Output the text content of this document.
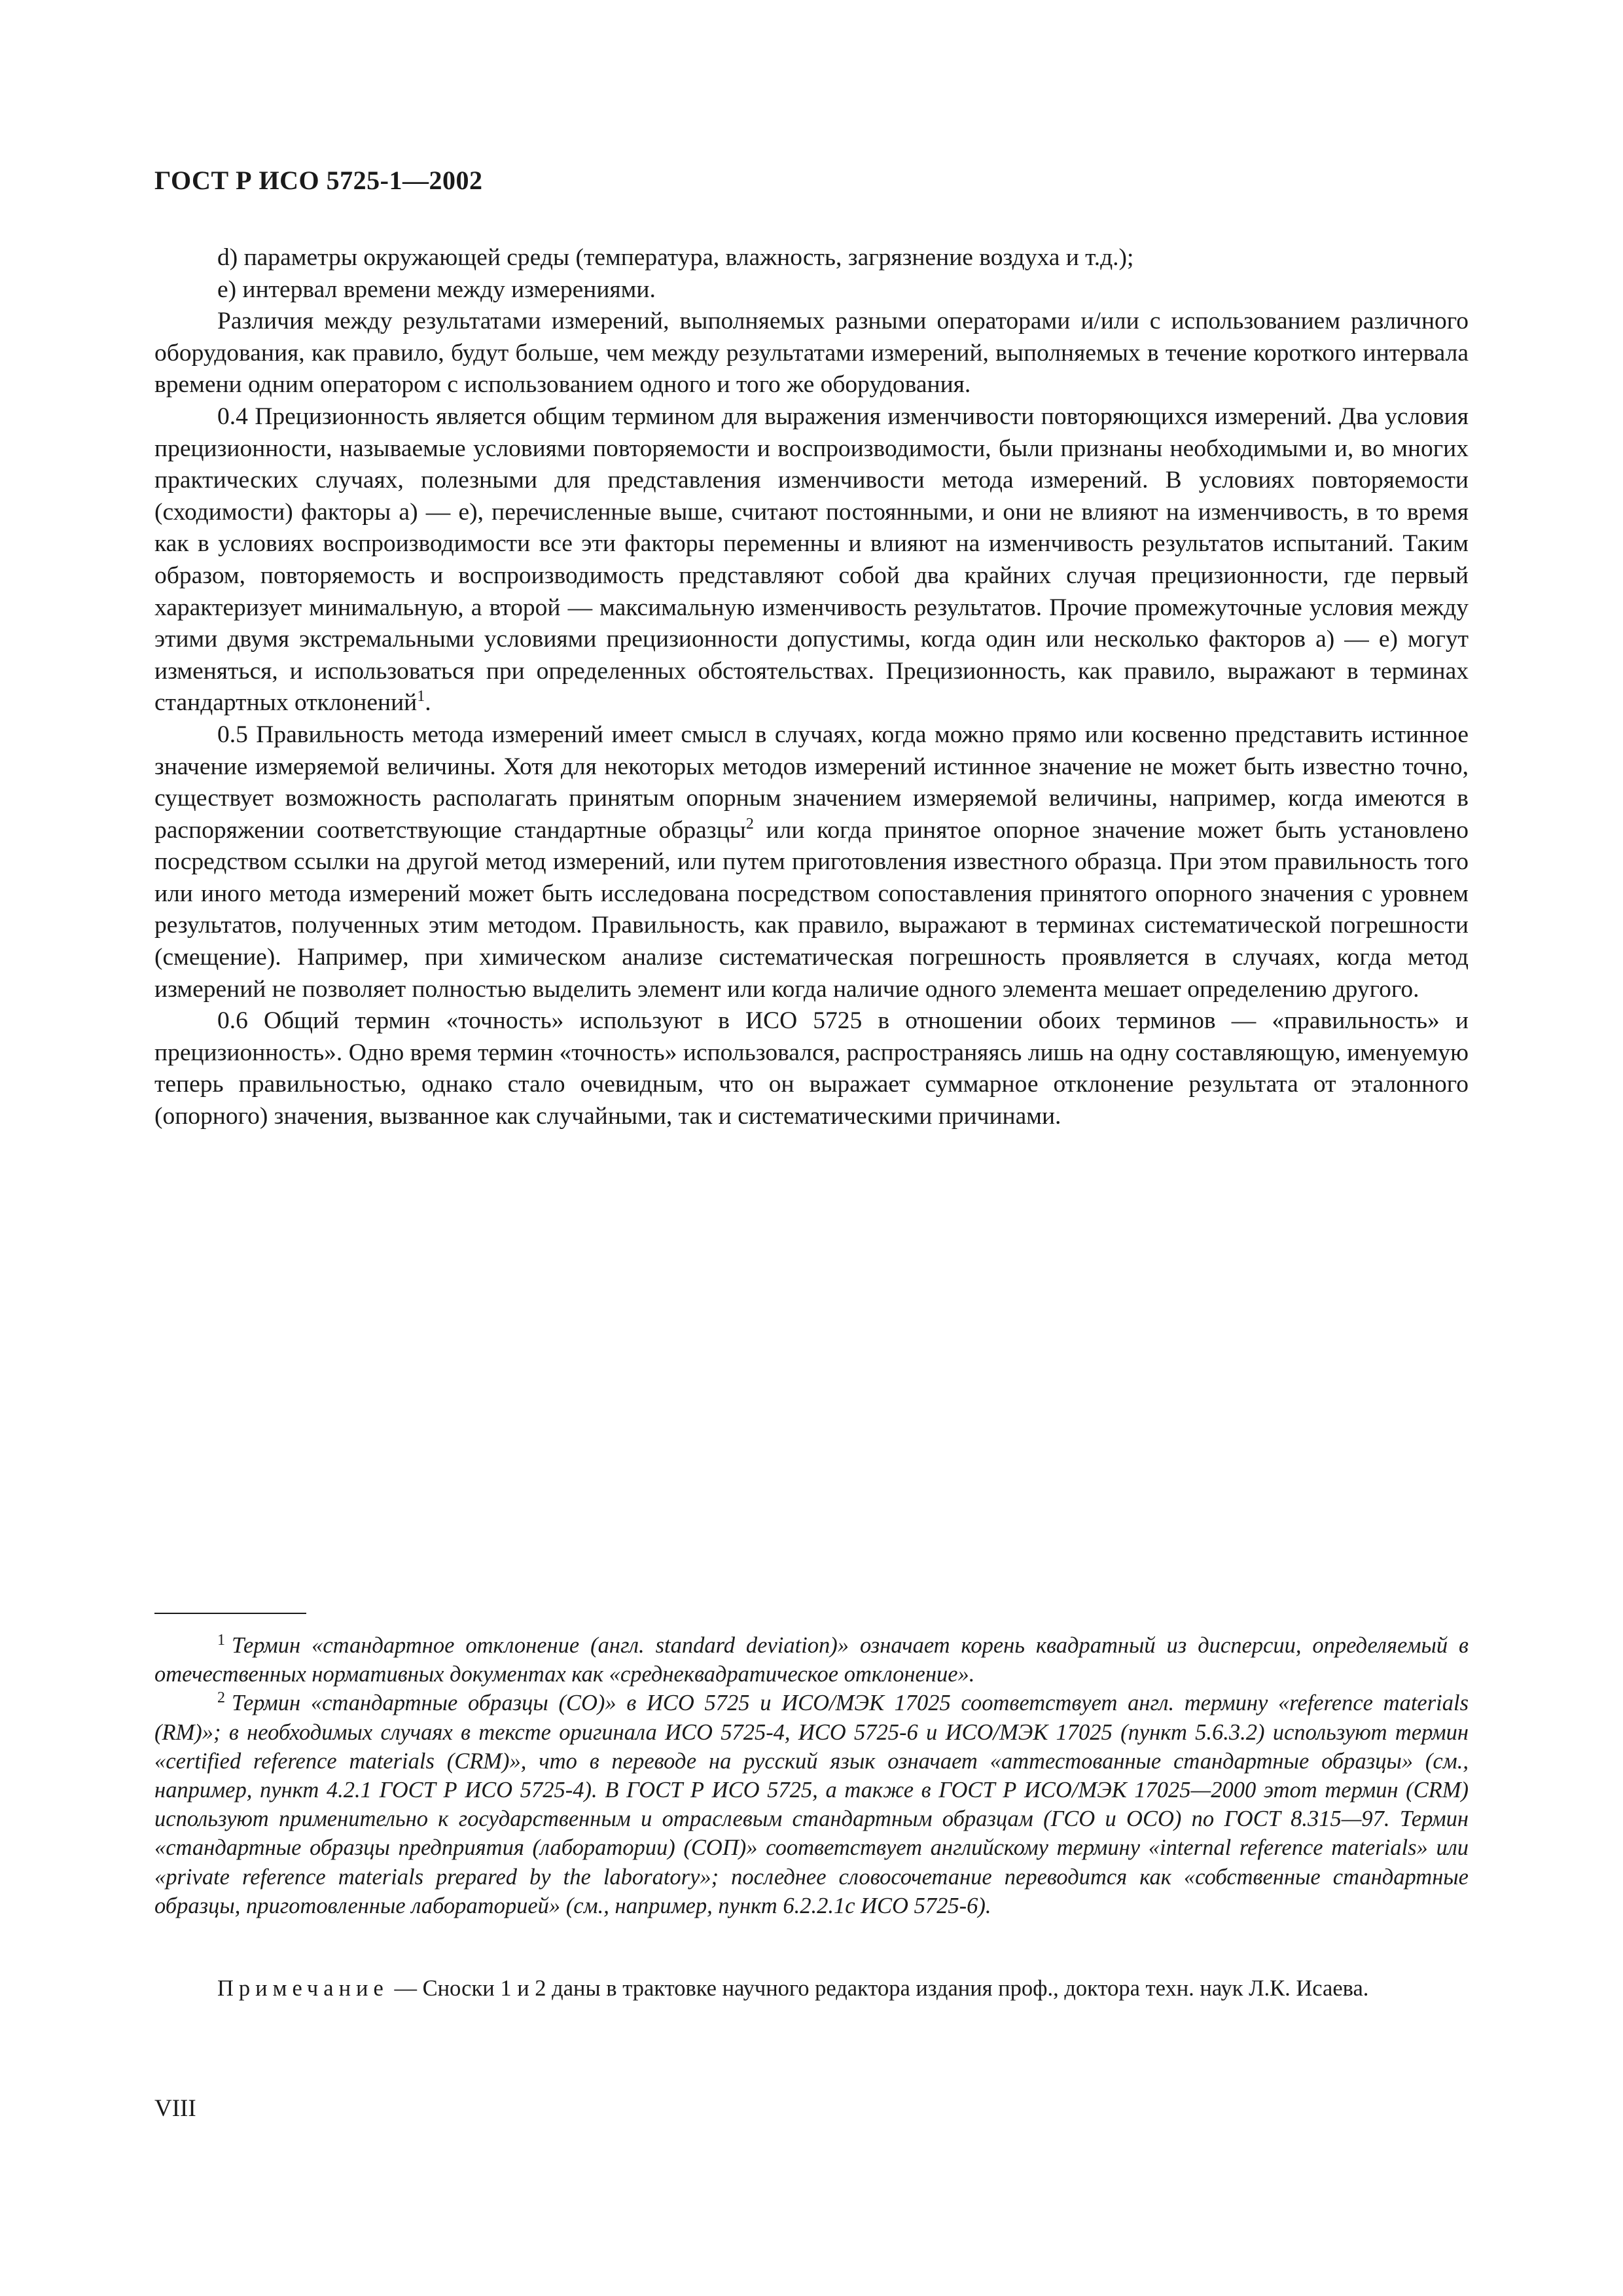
ГОСТ Р ИСО 5725-1—2002

d) параметры окружающей среды (температура, влажность, загрязнение воздуха и т.д.);

е) интервал времени между измерениями.

Различия между результатами измерений, выполняемых разными операторами и/или с использованием различного оборудования, как правило, будут больше, чем между результатами измерений, выполняемых в течение короткого интервала времени одним оператором с использованием одного и того же оборудования.

0.4 Прецизионность является общим термином для выражения изменчивости повторяющихся измерений. Два условия прецизионности, называемые условиями повторяемости и воспроизводимости, были признаны необходимыми и, во многих практических случаях, полезными для представления изменчивости метода измерений. В условиях повторяемости (сходимости) факторы а) — е), перечисленные выше, считают постоянными, и они не влияют на изменчивость, в то время как в условиях воспроизводимости все эти факторы переменны и влияют на изменчивость результатов испытаний. Таким образом, повторяемость и воспроизводимость представляют собой два крайних случая прецизионности, где первый характеризует минимальную, а второй — максимальную изменчивость результатов. Прочие промежуточные условия между этими двумя экстремальными условиями прецизионности допустимы, когда один или несколько факторов а) — е) могут изменяться, и использоваться при определенных обстоятельствах. Прецизионность, как правило, выражают в терминах стандартных отклонений$^1$.

0.5 Правильность метода измерений имеет смысл в случаях, когда можно прямо или косвенно представить истинное значение измеряемой величины. Хотя для некоторых методов измерений истинное значение не может быть известно точно, существует возможность располагать принятым опорным значением измеряемой величины, например, когда имеются в распоряжении соответствующие стандартные образцы$^2$ или когда принятое опорное значение может быть установлено посредством ссылки на другой метод измерений, или путем приготовления известного образца. При этом правильность того или иного метода измерений может быть исследована посредством сопоставления принятого опорного значения с уровнем результатов, полученных этим методом. Правильность, как правило, выражают в терминах систематической погрешности (смещение). Например, при химическом анализе систематическая погрешность проявляется в случаях, когда метод измерений не позволяет полностью выделить элемент или когда наличие одного элемента мешает определению другого.

0.6 Общий термин «точность» используют в ИСО 5725 в отношении обоих терминов — «правильность» и прецизионность». Одно время термин «точность» использовался, распространяясь лишь на одну составляющую, именуемую теперь правильностью, однако стало очевидным, что он выражает суммарное отклонение результата от эталонного (опорного) значения, вызванное как случайными, так и систематическими причинами.

$^1$ Термин «стандартное отклонение (англ. standard deviation)» означает корень квадратный из дисперсии, определяемый в отечественных нормативных документах как «среднеквадратическое отклонение».

$^2$ Термин «стандартные образцы (СО)» в ИСО 5725 и ИСО/МЭК 17025 соответствует англ. термину «reference materials (RM)»; в необходимых случаях в тексте оригинала ИСО 5725-4, ИСО 5725-6 и ИСО/МЭК 17025 (пункт 5.6.3.2) используют термин «certified reference materials (CRM)», что в переводе на русский язык означает «аттестованные стандартные образцы» (см., например, пункт 4.2.1 ГОСТ Р ИСО 5725-4). В ГОСТ Р ИСО 5725, а также в ГОСТ Р ИСО/МЭК 17025—2000 этот термин (CRM) используют применительно к государственным и отраслевым стандартным образцам (ГСО и ОСО) по ГОСТ 8.315—97. Термин «стандартные образцы предприятия (лаборатории) (СОП)» соответствует английскому термину «internal reference materials» или «private reference materials prepared by the laboratory»; последнее словосочетание переводится как «собственные стандартные образцы, приготовленные лабораторией» (см., например, пункт 6.2.2.1с ИСО 5725-6).

Примечание — Сноски 1 и 2 даны в трактовке научного редактора издания проф., доктора техн. наук Л.К. Исаева.

VIII
